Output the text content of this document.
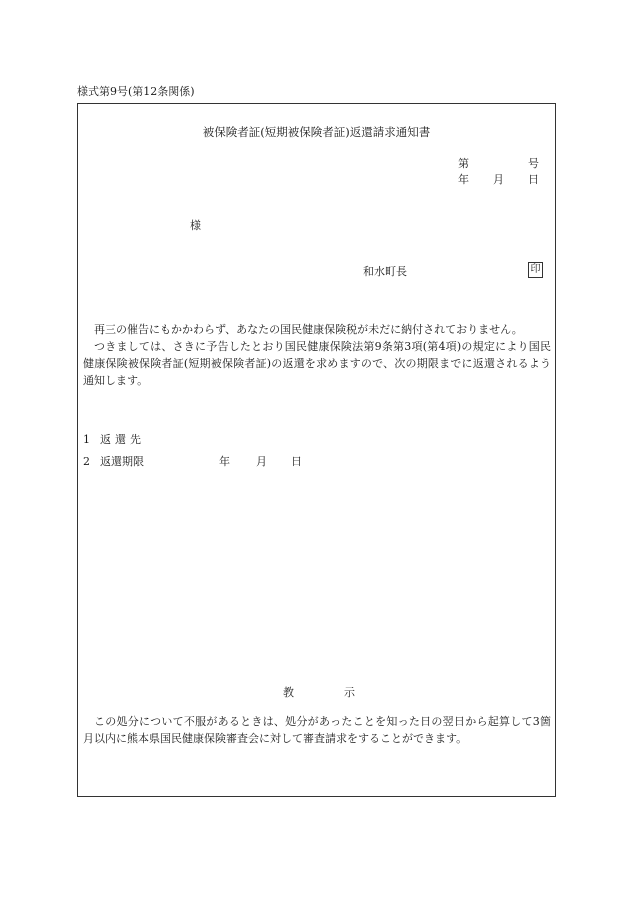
様式第9号(第12条関係)
被保険者証(短期被保険者証)返還請求通知書
第	号
年 月 日
様
和水町長	印

再三の催告にもかかわらず、あなたの国民健康保険税が未だに納付されておりません。

つきましては、さきに予告したとおり国民健康保険法第9条第3項(第4項)の規定により国民健康保険被保険者証(短期被保険者証)の返還を求めますので、次の期限までに返還されるよう通知します。

1 返還先
2 返還期限	年 月 日
教示

この処分について不服があるときは、処分があったことを知った日の翌日から起算して3箇月以内に熊本県国民健康保険審査会に対して審査請求をすることができます。
